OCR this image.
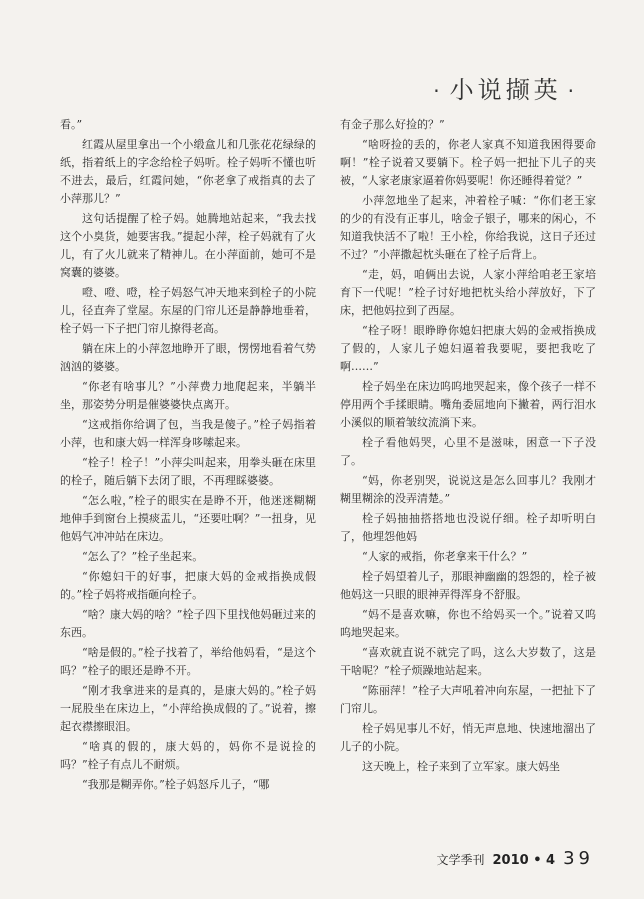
· 小说撷英 ·

看。”

红霞从屋里拿出一个小缎盒儿和几张花花绿绿的纸，指着纸上的字念给栓子妈听。栓子妈听不懂也听不进去，最后，红霞问她，“你老拿了戒指真的去了小萍那儿？”

这句话提醒了栓子妈。她腾地站起来，“我去找这个小臭货，她要害我。”提起小萍，栓子妈就有了火儿，有了火儿就来了精神儿。在小萍面前，她可不是窝囊的婆婆。

噔、噔、噔，栓子妈怒气冲天地来到栓子的小院儿，径直奔了堂屋。东屋的门帘儿还是静静地垂着，栓子妈一下子把门帘儿撩得老高。

躺在床上的小萍忽地睁开了眼，愣愣地看着气势汹汹的婆婆。

“你老有啥事儿？”小萍费力地爬起来，半躺半坐，那姿势分明是催婆婆快点离开。

“这戒指你给调了包，当我是傻子。”栓子妈指着小萍，也和康大妈一样浑身哆嗦起来。

“栓子！栓子！”小萍尖叫起来，用拳头砸在床里的栓子，随后躺下去闭了眼，不再理睬婆婆。

“怎么啦，”栓子的眼实在是睁不开，他迷迷糊糊地伸手到窗台上摸痰盂儿，“还要吐啊？”一扭身，见他妈气冲冲站在床边。

“怎么了？”栓子坐起来。

“你媳妇干的好事，把康大妈的金戒指换成假的。”栓子妈将戒指砸向栓子。

“啥？康大妈的啥？”栓子四下里找他妈砸过来的东西。

“啥是假的。”栓子找着了，举给他妈看，“是这个吗？”栓子的眼还是睁不开。

“刚才我拿进来的是真的，是康大妈的。”栓子妈一屁股坐在床边上，“小萍给换成假的了。”说着，擦起衣襟擦眼泪。

“啥真的假的，康大妈的，妈你不是说捡的吗？”栓子有点儿不耐烦。

“我那是糊弄你。”栓子妈怒斥儿子，“哪

有金子那么好捡的？”

“啥呀捡的丢的，你老人家真不知道我困得要命啊！”栓子说着又要躺下。栓子妈一把扯下儿子的夹被，“人家老康家逼着你妈要呢！你还睡得着觉？”

小萍忽地坐了起来，冲着栓子喊：“你们老王家的少的有没有正事儿，啥金子银子，哪来的闲心，不知道我快活不了啦！王小栓，你给我说，这日子还过不过？”小萍撒起枕头砸在了栓子后背上。

“走，妈，咱俩出去说，人家小萍给咱老王家培育下一代呢！”栓子讨好地把枕头给小萍放好，下了床，把他妈拉到了西屋。

“栓子呀！眼睁睁你媳妇把康大妈的金戒指换成了假的，人家儿子媳妇逼着我要呢，要把我吃了啊……”

栓子妈坐在床边呜呜地哭起来，像个孩子一样不停用两个手揉眼睛。嘴角委屈地向下撇着，两行泪水小溪似的顺着皱纹流淌下来。

栓子看他妈哭，心里不是滋味，困意一下子没了。

“妈，你老别哭，说说这是怎么回事儿？我刚才糊里糊涂的没弄清楚。”

栓子妈抽抽搭搭地也没说仔细。栓子却听明白了，他埋怨他妈

“人家的戒指，你老拿来干什么？”

栓子妈望着儿子，那眼神幽幽的怨怨的，栓子被他妈这一只眼的眼神弄得浑身不舒服。

“妈不是喜欢嘛，你也不给妈买一个。”说着又呜呜地哭起来。

“喜欢就直说不就完了吗，这么大岁数了，这是干啥呢？”栓子烦躁地站起来。

“陈丽萍！”栓子大声吼着冲向东屋，一把扯下了门帘儿。

栓子妈见事儿不好，悄无声息地、快速地溜出了儿子的小院。

这天晚上，栓子来到了立军家。康大妈坐

文学季刊 2010 • 4 39
